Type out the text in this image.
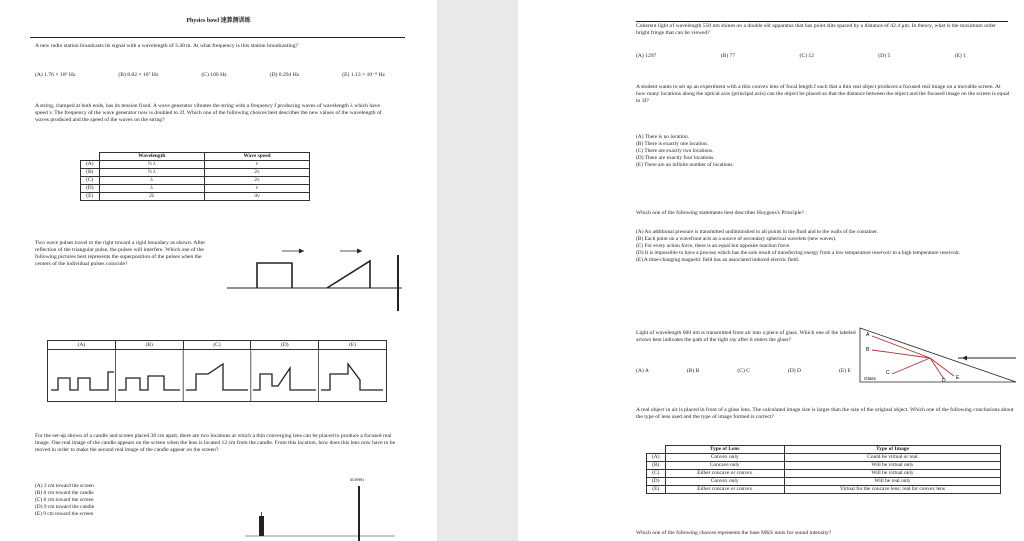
Physics bowl 速算测训练
A new radio station broadcasts its signal with a wavelength of 3.40 m. At what frequency is this station broadcasting?
(A) 1.76 × 10⁹ Hz	(B) 8.82 × 10⁷ Hz	(C) 100 Hz	(D) 0.294 Hz	(E) 1.13 × 10⁻⁸ Hz
A string, clamped at both ends, has its tension fixed. A wave generator vibrates the string with a frequency f producing waves of wavelength λ which have speed v. The frequency of the wave generator now is doubled to 2f. Which one of the following choices best describes the new values of the wavelength of waves produced and the speed of the waves on the string?
	Wavelength	Wave speed
(A)	½ λ	v
(B)	½ λ	2v
(C)	λ	2v
(D)	λ	v
(E)	2λ	4v
Two wave pulses travel to the right toward a rigid boundary as shown. After reflection of the triangular pulse, the pulses will interfere. Which one of the following pictures best represents the superposition of the pulses when the centers of the individual pulses coincide?
(A)	(B)	(C)	(D)	(E)
For the set-up shown of a candle and screen placed 30 cm apart, there are two locations at which a thin converging lens can be placed to produce a focused real image. One real image of the candle appears on the screen when the lens is located 12 cm from the candle. From this location, how does this lens now have to be moved in order to make the second real image of the candle appear on the screen?
(A) 3 cm toward the screen
(B) 6 cm toward the candle
(C) 6 cm toward the screen
(D) 9 cm toward the candle
(E) 9 cm toward the screen
screen
Coherent light of wavelength 550 nm shines on a double slit apparatus that has point slits spaced by a distance of 42.4 μm. In theory, what is the maximum order bright fringe that can be viewed?
(A) 1297	(B) 77	(C) 12	(D) 5	(E) 1
A student wants to set up an experiment with a thin convex lens of focal length f such that a thin real object produces a focused real image on a movable screen. At how many locations along the optical axis (principal axis) can the object be placed so that the distance between the object and the focused image on the screen is equal to 3f?
(A) There is no location.
(B) There is exactly one location.
(C) There are exactly two locations.
(D) There are exactly four locations.
(E) There are an infinite number of locations.
Which one of the following statements best describes Huygens's Principle?
(A) An additional pressure is transmitted undiminished to all points in the fluid and to the walls of the container.
(B) Each point on a wavefront acts as a source of secondary spherical wavelets (new waves).
(C) For every action force, there is an equal but opposite reaction force.
(D) It is impossible to have a process which has the sole result of transferring energy from a low temperature reservoir to a high temperature reservoir.
(E) A time-changing magnetic field has an associated induced electric field.
Light of wavelength 600 nm is transmitted from air into a piece of glass. Which one of the labeled arrows best indicates the path of the light ray after it enters the glass?
(A) A	(B) B	(C) C	(D) D	(E) E
A
B
C
D E
Glass
A real object in air is placed in front of a glass lens. The calculated image size is larger than the size of the original object. Which one of the following conclusions about the type of lens used and the type of image formed is correct?
	Type of Lens	Type of Image
(A)	Convex only	Could be virtual or real
(B)	Concave only	Will be virtual only
(C)	Either concave or convex	Will be virtual only
(D)	Convex only	Will be real only
(E)	Either concave or convex	Virtual for the concave lens; real for convex lens
Which one of the following choices represents the base MKS units for sound intensity?
